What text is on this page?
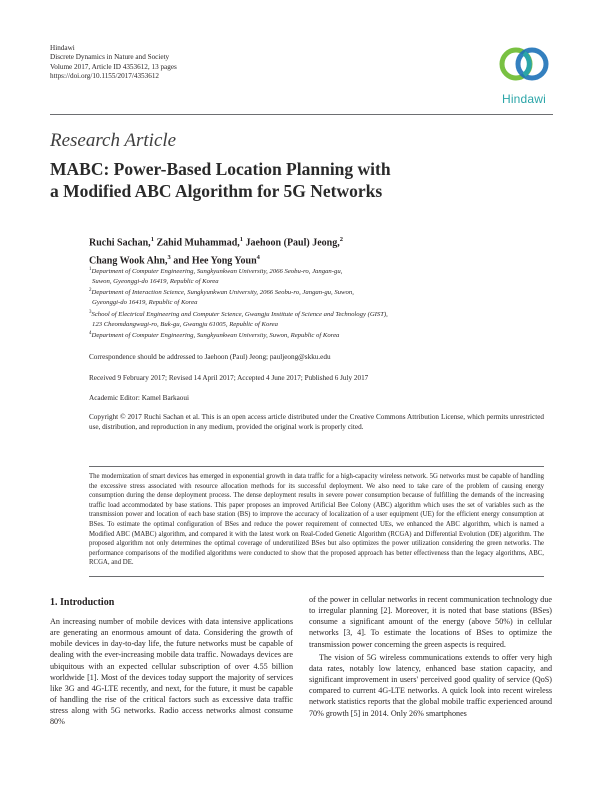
Hindawi
Discrete Dynamics in Nature and Society
Volume 2017, Article ID 4353612, 13 pages
https://doi.org/10.1155/2017/4353612
Hindawi
Research Article
MABC: Power-Based Location Planning with
a Modified ABC Algorithm for 5G Networks
Ruchi Sachan,$^1$ Zahid Muhammad,$^1$ Jaehoon (Paul) Jeong,$^2$
Chang Wook Ahn,$^3$ and Hee Yong Youn$^4$

$^1$Department of Computer Engineering, Sungkyunkwan University, 2066 Seobu-ro, Jangan-gu,

Suwon, Gyeonggi-do 16419, Republic of Korea

$^2$Department of Interaction Science, Sungkyunkwan University, 2066 Seobu-ro, Jangan-gu, Suwon,

Gyeonggi-do 16419, Republic of Korea

$^3$School of Electrical Engineering and Computer Science, Gwangju Institute of Science and Technology (GIST),

123 Cheomdangwagi-ro, Buk-gu, Gwangju 61005, Republic of Korea

$^4$Department of Computer Engineering, Sungkyunkwan University, Suwon, Republic of Korea

Correspondence should be addressed to Jaehoon (Paul) Jeong; pauljeong@skku.edu
Received 9 February 2017; Revised 14 April 2017; Accepted 4 June 2017; Published 6 July 2017
Academic Editor: Kamel Barkaoui
Copyright © 2017 Ruchi Sachan et al. This is an open access article distributed under the Creative Commons Attribution License, which permits unrestricted use, distribution, and reproduction in any medium, provided the original work is properly cited.
The modernization of smart devices has emerged in exponential growth in data traffic for a high-capacity wireless network. 5G networks must be capable of handling the excessive stress associated with resource allocation methods for its successful deployment. We also need to take care of the problem of causing energy consumption during the dense deployment process. The dense deployment results in severe power consumption because of fulfilling the demands of the increasing traffic load accommodated by base stations. This paper proposes an improved Artificial Bee Colony (ABC) algorithm which uses the set of variables such as the transmission power and location of each base station (BS) to improve the accuracy of localization of a user equipment (UE) for the efficient energy consumption at BSes. To estimate the optimal configuration of BSes and reduce the power requirement of connected UEs, we enhanced the ABC algorithm, which is named a Modified ABC (MABC) algorithm, and compared it with the latest work on Real-Coded Genetic Algorithm (RCGA) and Differential Evolution (DE) algorithm. The proposed algorithm not only determines the optimal coverage of underutilized BSes but also optimizes the power utilization considering the green networks. The performance comparisons of the modified algorithms were conducted to show that the proposed approach has better effectiveness than the legacy algorithms, ABC, RCGA, and DE.
1. Introduction

An increasing number of mobile devices with data intensive applications are generating an enormous amount of data. Considering the growth of mobile devices in day-to-day life, the future networks must be capable of dealing with the ever-increasing mobile data traffic. Nowadays devices are ubiquitous with an expected cellular subscription of over 4.55 billion worldwide [1]. Most of the devices today support the majority of services like 3G and 4G-LTE recently, and next, for the future, it must be capable of handling the rise of the critical factors such as excessive data traffic stress along with 5G networks. Radio access networks almost consume 80%

of the power in cellular networks in recent communication technology due to irregular planning [2]. Moreover, it is noted that base stations (BSes) consume a significant amount of the energy (above 50%) in cellular networks [3, 4]. To estimate the locations of BSes to optimize the transmission power concerning the green aspects is required.

The vision of 5G wireless communications extends to offer very high data rates, notably low latency, enhanced base station capacity, and significant improvement in users' perceived good quality of service (QoS) compared to current 4G-LTE networks. A quick look into recent wireless network statistics reports that the global mobile traffic experienced around 70% growth [5] in 2014. Only 26% smartphones
